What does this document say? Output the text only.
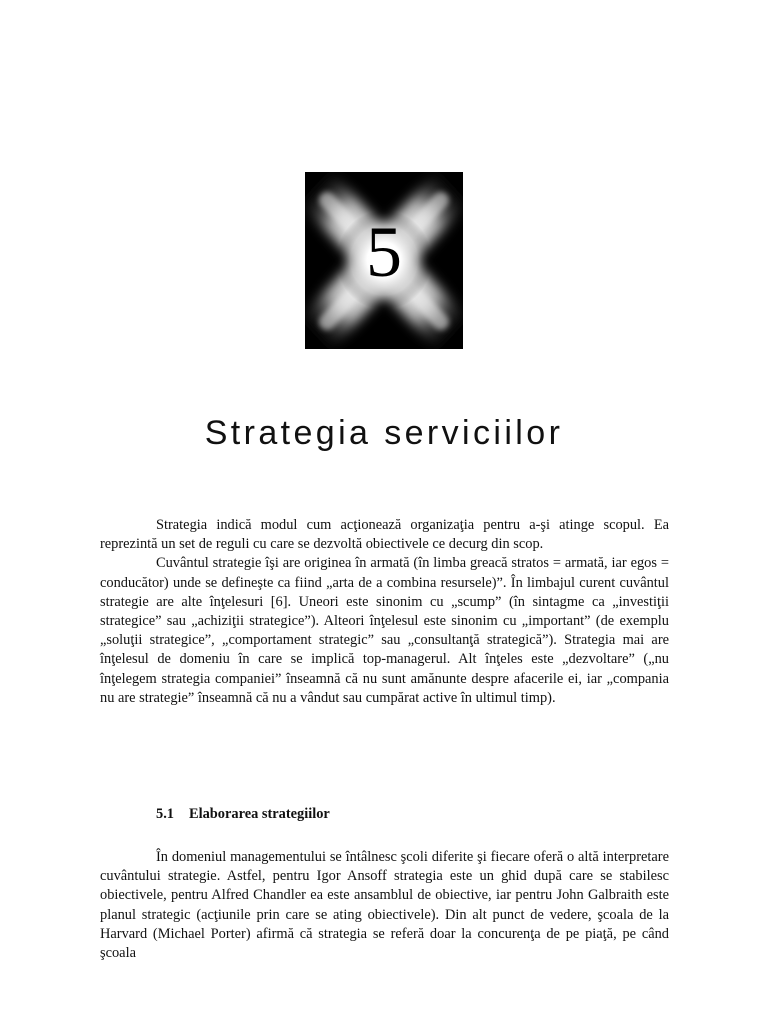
5
Strategia serviciilor

Strategia indică modul cum acţionează organizaţia pentru a-şi atinge scopul. Ea reprezintă un set de reguli cu care se dezvoltă obiectivele ce decurg din scop.

Cuvântul strategie îşi are originea în armată (în limba greacă stratos = armată, iar egos = conducător) unde se defineşte ca fiind „arta de a combina resursele)”. În limbajul curent cuvântul strategie are alte înţelesuri [6]. Uneori este sinonim cu „scump” (în sintagme ca „investiţii strategice” sau „achiziţii strategice”). Alteori înţelesul este sinonim cu „important” (de exemplu „soluţii strategice”, „comportament strategic” sau „consultanţă strategică”). Strategia mai are înţelesul de domeniu în care se implică top-managerul. Alt înţeles este „dezvoltare” („nu înţelegem strategia companiei” înseamnă că nu sunt amănunte despre afacerile ei, iar „compania nu are strategie” înseamnă că nu a vândut sau cumpărat active în ultimul timp).

5.1 Elaborarea strategiilor

În domeniul managementului se întâlnesc şcoli diferite şi fiecare oferă o altă interpretare cuvântului strategie. Astfel, pentru Igor Ansoff strategia este un ghid după care se stabilesc obiectivele, pentru Alfred Chandler ea este ansamblul de obiective, iar pentru John Galbraith este planul strategic (acţiunile prin care se ating obiectivele). Din alt punct de vedere, şcoala de la Harvard (Michael Porter) afirmă că strategia se referă doar la concurenţa de pe piaţă, pe când şcoala
